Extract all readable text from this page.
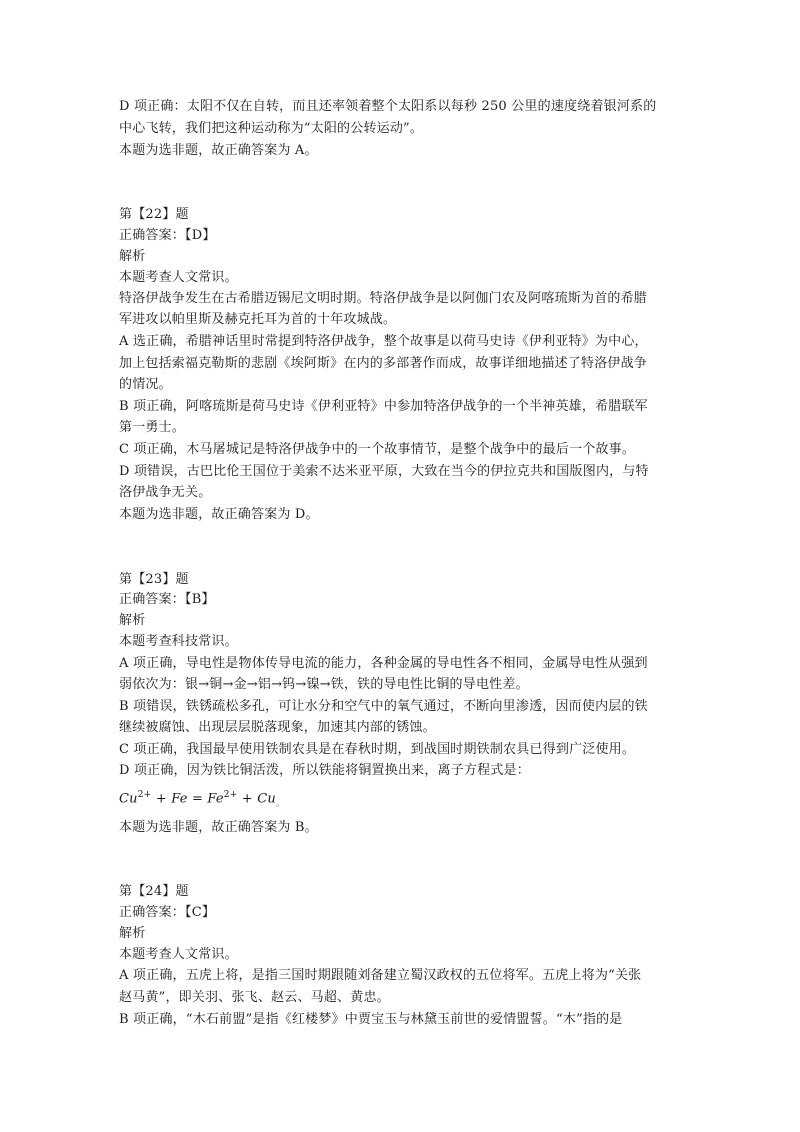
D 项正确：太阳不仅在自转，而且还率领着整个太阳系以每秒 250 公里的速度绕着银河系的

中心飞转，我们把这种运动称为“太阳的公转运动”。

本题为选非题，故正确答案为 A。

第【22】题

正确答案：【D】

解析

本题考查人文常识。

特洛伊战争发生在古希腊迈锡尼文明时期。特洛伊战争是以阿伽门农及阿喀琉斯为首的希腊

军进攻以帕里斯及赫克托耳为首的十年攻城战。

A 选正确，希腊神话里时常提到特洛伊战争，整个故事是以荷马史诗《伊利亚特》为中心，

加上包括索福克勒斯的悲剧《埃阿斯》在内的多部著作而成，故事详细地描述了特洛伊战争

的情况。

B 项正确，阿喀琉斯是荷马史诗《伊利亚特》中参加特洛伊战争的一个半神英雄，希腊联军

第一勇士。

C 项正确，木马屠城记是特洛伊战争中的一个故事情节，是整个战争中的最后一个故事。

D 项错误，古巴比伦王国位于美索不达米亚平原，大致在当今的伊拉克共和国版图内，与特

洛伊战争无关。

本题为选非题，故正确答案为 D。

第【23】题

正确答案：【B】

解析

本题考查科技常识。

A 项正确，导电性是物体传导电流的能力，各种金属的导电性各不相同，金属导电性从强到

弱依次为：银→铜→金→铝→钨→镍→铁，铁的导电性比铜的导电性差。

B 项错误，铁锈疏松多孔，可让水分和空气中的氧气通过，不断向里渗透，因而使内层的铁

继续被腐蚀、出现层层脱落现象，加速其内部的锈蚀。

C 项正确，我国最早使用铁制农具是在春秋时期，到战国时期铁制农具已得到广泛使用。

D 项正确，因为铁比铜活泼，所以铁能将铜置换出来，离子方程式是：

$Cu^{2+} + Fe = Fe^{2+} + Cu_。$

本题为选非题，故正确答案为 B。

第【24】题

正确答案：【C】

解析

本题考查人文常识。

A 项正确，五虎上将，是指三国时期跟随刘备建立蜀汉政权的五位将军。五虎上将为“关张

赵马黄”，即关羽、张飞、赵云、马超、黄忠。

B 项正确，“木石前盟”是指《红楼梦》中贾宝玉与林黛玉前世的爱情盟誓。“木”指的是
